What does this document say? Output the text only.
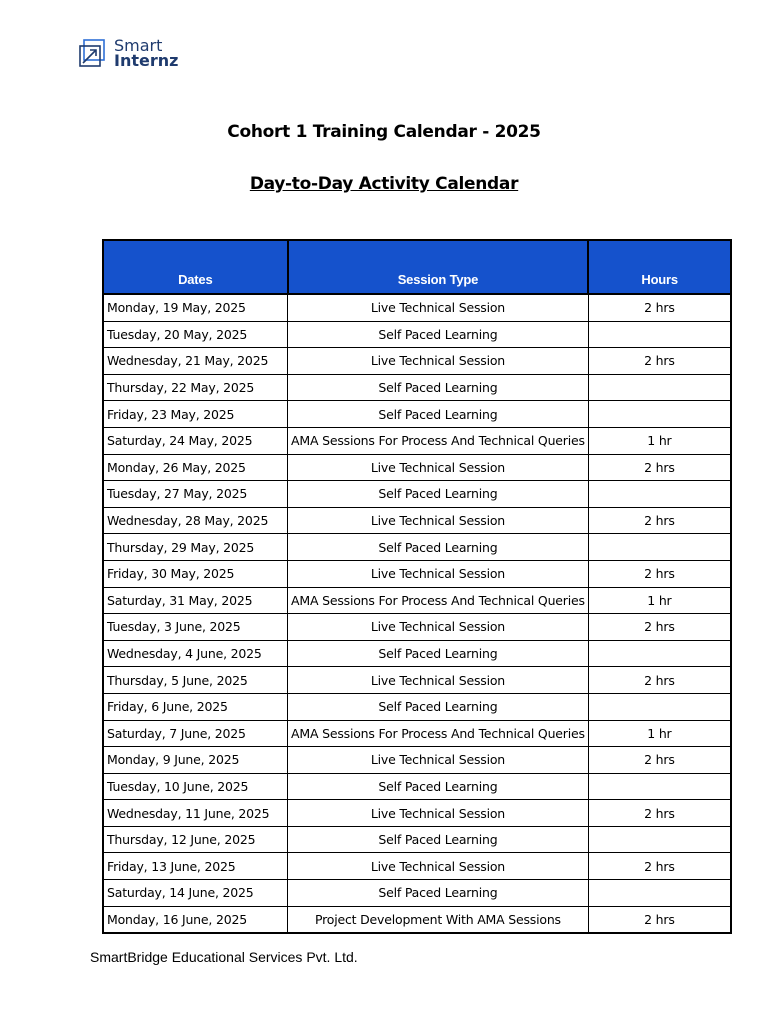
Smart
Internz
Cohort 1 Training Calendar - 2025
Day-to-Day Activity Calendar
Dates	Session Type	Hours
Monday, 19 May, 2025	Live Technical Session	2 hrs
Tuesday, 20 May, 2025	Self Paced Learning	
Wednesday, 21 May, 2025	Live Technical Session	2 hrs
Thursday, 22 May, 2025	Self Paced Learning	
Friday, 23 May, 2025	Self Paced Learning	
Saturday, 24 May, 2025	AMA Sessions For Process And Technical Queries	1 hr
Monday, 26 May, 2025	Live Technical Session	2 hrs
Tuesday, 27 May, 2025	Self Paced Learning	
Wednesday, 28 May, 2025	Live Technical Session	2 hrs
Thursday, 29 May, 2025	Self Paced Learning	
Friday, 30 May, 2025	Live Technical Session	2 hrs
Saturday, 31 May, 2025	AMA Sessions For Process And Technical Queries	1 hr
Tuesday, 3 June, 2025	Live Technical Session	2 hrs
Wednesday, 4 June, 2025	Self Paced Learning	
Thursday, 5 June, 2025	Live Technical Session	2 hrs
Friday, 6 June, 2025	Self Paced Learning	
Saturday, 7 June, 2025	AMA Sessions For Process And Technical Queries	1 hr
Monday, 9 June, 2025	Live Technical Session	2 hrs
Tuesday, 10 June, 2025	Self Paced Learning	
Wednesday, 11 June, 2025	Live Technical Session	2 hrs
Thursday, 12 June, 2025	Self Paced Learning	
Friday, 13 June, 2025	Live Technical Session	2 hrs
Saturday, 14 June, 2025	Self Paced Learning	
Monday, 16 June, 2025	Project Development With AMA Sessions	2 hrs
SmartBridge Educational Services Pvt. Ltd.
